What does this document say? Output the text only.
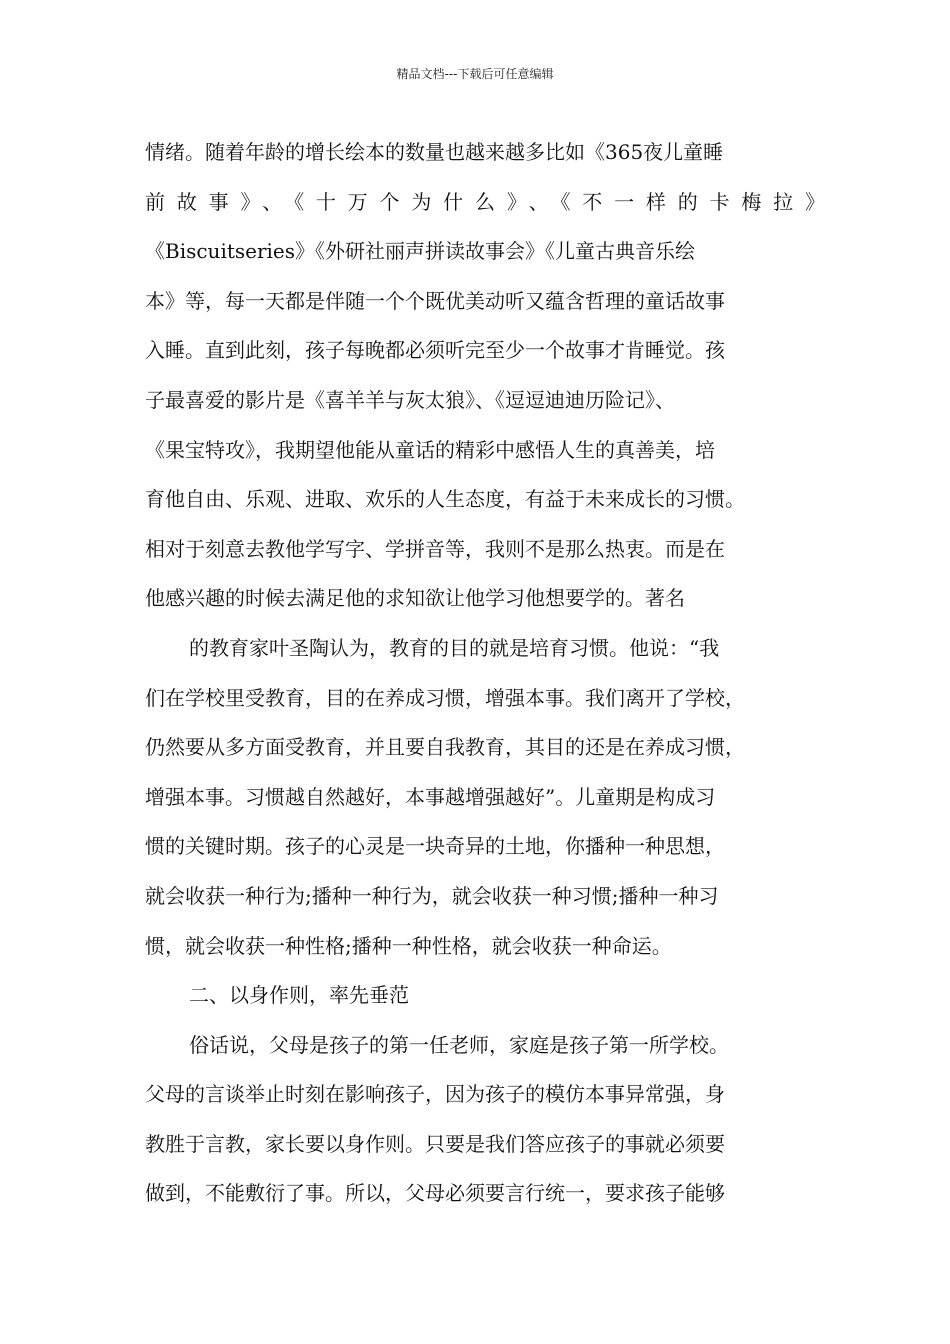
精品文档---下载后可任意编辑
情绪。随着年龄的增长绘本的数量也越来越多比如《365夜儿童睡
前故事》、《十万个为什么》、《不一样的卡梅拉》
《Biscuitseries》《外研社丽声拼读故事会》《儿童古典音乐绘
本》等，每一天都是伴随一个个既优美动听又蕴含哲理的童话故事
入睡。直到此刻，孩子每晚都必须听完至少一个故事才肯睡觉。孩
子最喜爱的影片是《喜羊羊与灰太狼》、《逗逗迪迪历险记》、
《果宝特攻》，我期望他能从童话的精彩中感悟人生的真善美，培
育他自由、乐观、进取、欢乐的人生态度，有益于未来成长的习惯。
相对于刻意去教他学写字、学拼音等，我则不是那么热衷。而是在
他感兴趣的时候去满足他的求知欲让他学习他想要学的。著名
的教育家叶圣陶认为，教育的目的就是培育习惯。他说：“我
们在学校里受教育，目的在养成习惯，增强本事。我们离开了学校，
仍然要从多方面受教育，并且要自我教育，其目的还是在养成习惯，
增强本事。习惯越自然越好，本事越增强越好”。儿童期是构成习
惯的关键时期。孩子的心灵是一块奇异的土地，你播种一种思想，
就会收获一种行为;播种一种行为，就会收获一种习惯;播种一种习
惯，就会收获一种性格;播种一种性格，就会收获一种命运。
二、以身作则，率先垂范
俗话说，父母是孩子的第一任老师，家庭是孩子第一所学校。
父母的言谈举止时刻在影响孩子，因为孩子的模仿本事异常强，身
教胜于言教，家长要以身作则。只要是我们答应孩子的事就必须要
做到，不能敷衍了事。所以，父母必须要言行统一，要求孩子能够
